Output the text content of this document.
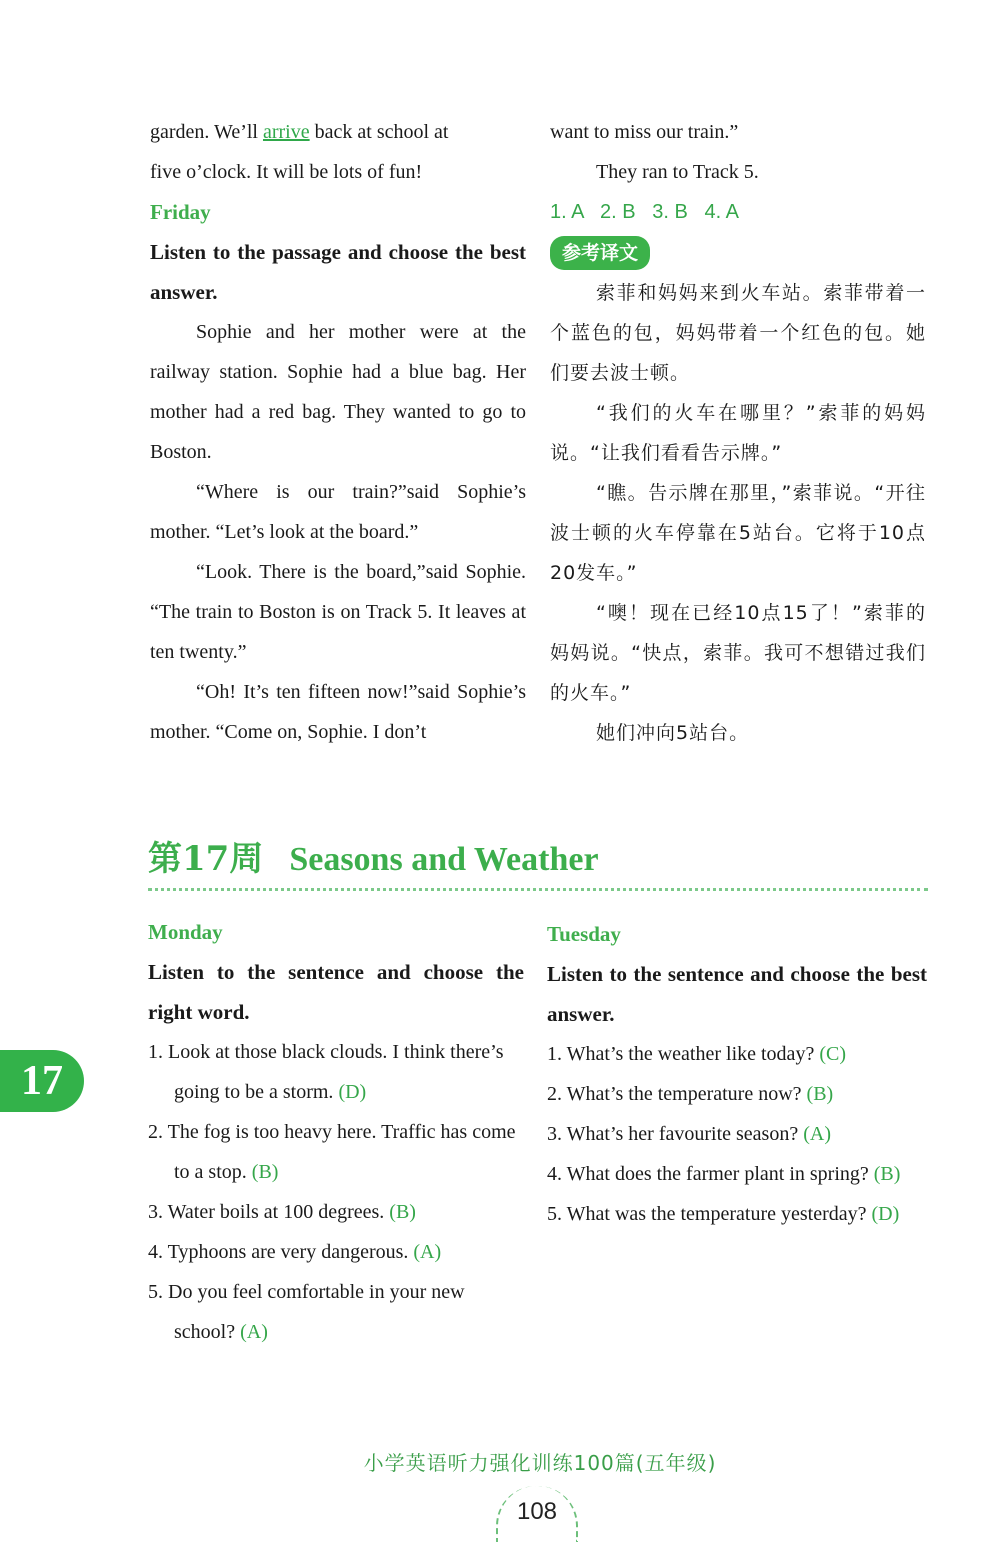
garden. We’ll arrive back at school at

five o’clock. It will be lots of fun!

Friday

Listen to the passage and choose the best answer.

Sophie and her mother were at the railway station. Sophie had a blue bag. Her mother had a red bag. They wanted to go to Boston.

“Where is our train?”said Sophie’s mother. “Let’s look at the board.”

“Look. There is the board,”said Sophie. “The train to Boston is on Track 5. It leaves at ten twenty.”

“Oh! It’s ten fifteen now!”said Sophie’s mother. “Come on, Sophie. I don’t

want to miss our train.”

They ran to Track 5.

1. A   2. B   3. B   4. A

参考译文

索菲和妈妈来到火车站。索菲带着一个蓝色的包，妈妈带着一个红色的包。她们要去波士顿。

“我们的火车在哪里？”索菲的妈妈说。“让我们看看告示牌。”

“瞧。告示牌在那里，”索菲说。“开往波士顿的火车停靠在5站台。它将于10点20发车。”

“噢！现在已经10点15了！”索菲的妈妈说。“快点，索菲。我可不想错过我们的火车。”

她们冲向5站台。

第17周 Seasons and Weather
17

Monday

Listen to the sentence and choose the right word.

1. Look at those black clouds. I think there’s going to be a storm. (D)

2. The fog is too heavy here. Traffic has come to a stop. (B)

3. Water boils at 100 degrees. (B)

4. Typhoons are very dangerous. (A)

5. Do you feel comfortable in your new school? (A)

Tuesday

Listen to the sentence and choose the best answer.

1. What’s the weather like today? (C)

2. What’s the temperature now? (B)

3. What’s her favourite season? (A)

4. What does the farmer plant in spring? (B)

5. What was the temperature yesterday? (D)

小学英语听力强化训练100篇(五年级)
108
